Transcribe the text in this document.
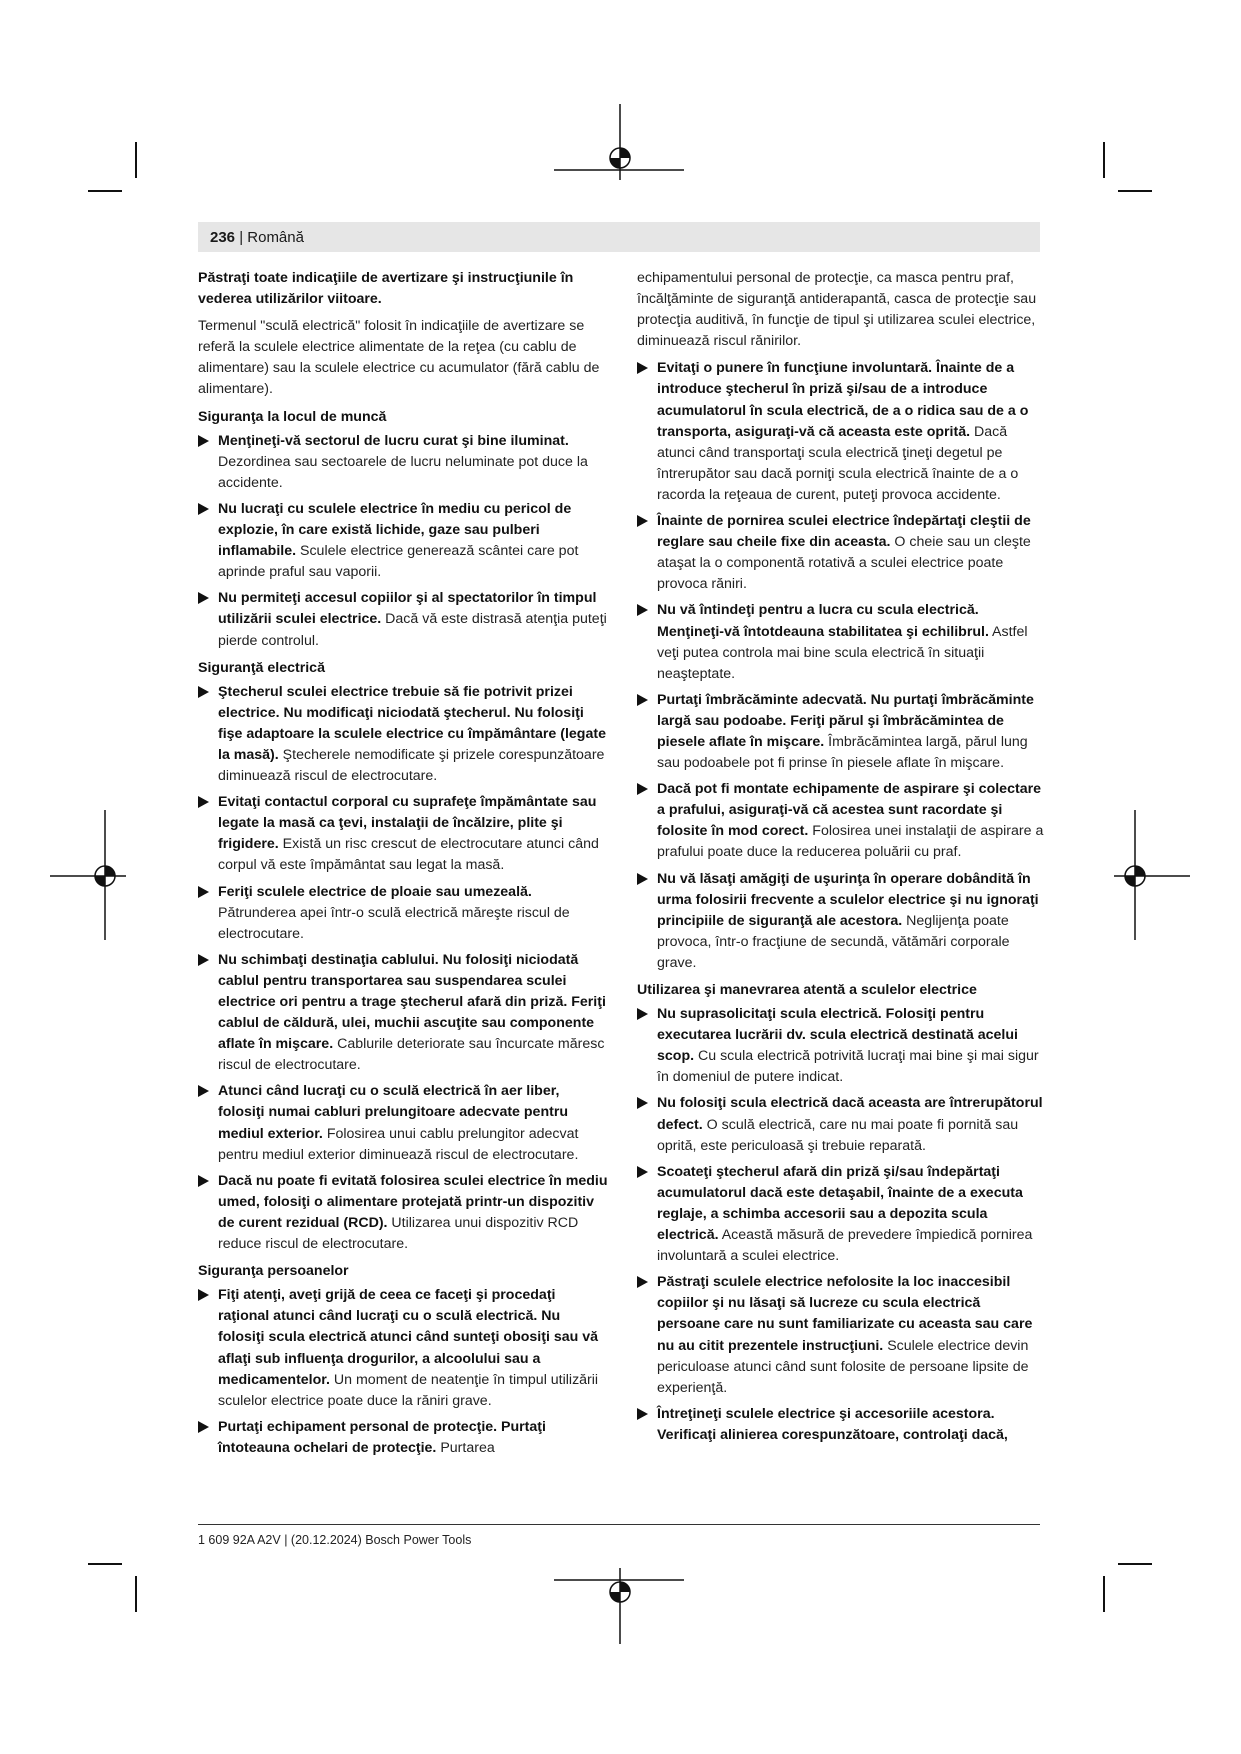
236 | Română

Păstraţi toate indicaţiile de avertizare şi instrucţiunile în vederea utilizărilor viitoare.

Termenul "sculă electrică" folosit în indicaţiile de avertizare se referă la sculele electrice alimentate de la reţea (cu cablu de alimentare) sau la sculele electrice cu acumulator (fără cablu de alimentare).

Siguranţa la locul de muncă
Menţineţi-vă sectorul de lucru curat şi bine iluminat. Dezordinea sau sectoarele de lucru neluminate pot duce la accidente.
Nu lucraţi cu sculele electrice în mediu cu pericol de explozie, în care există lichide, gaze sau pulberi inflamabile. Sculele electrice generează scântei care pot aprinde praful sau vaporii.
Nu permiteţi accesul copiilor şi al spectatorilor în timpul utilizării sculei electrice. Dacă vă este distrasă atenţia puteţi pierde controlul.
Siguranţă electrică
Ştecherul sculei electrice trebuie să fie potrivit prizei electrice. Nu modificaţi niciodată ştecherul. Nu folosiţi fişe adaptoare la sculele electrice cu împământare (legate la masă). Ştecherele nemodificate şi prizele corespunzătoare diminuează riscul de electrocutare.
Evitaţi contactul corporal cu suprafeţe împământate sau legate la masă ca ţevi, instalaţii de încălzire, plite şi frigidere. Există un risc crescut de electrocutare atunci când corpul vă este împământat sau legat la masă.
Feriţi sculele electrice de ploaie sau umezeală. Pătrunderea apei într-o sculă electrică măreşte riscul de electrocutare.
Nu schimbaţi destinaţia cablului. Nu folosiţi niciodată cablul pentru transportarea sau suspendarea sculei electrice ori pentru a trage ştecherul afară din priză. Feriţi cablul de căldură, ulei, muchii ascuţite sau componente aflate în mişcare. Cablurile deteriorate sau încurcate măresc riscul de electrocutare.
Atunci când lucraţi cu o sculă electrică în aer liber, folosiţi numai cabluri prelungitoare adecvate pentru mediul exterior. Folosirea unui cablu prelungitor adecvat pentru mediul exterior diminuează riscul de electrocutare.
Dacă nu poate fi evitată folosirea sculei electrice în mediu umed, folosiţi o alimentare protejată printr-un dispozitiv de curent rezidual (RCD). Utilizarea unui dispozitiv RCD reduce riscul de electrocutare.
Siguranţa persoanelor
Fiţi atenţi, aveţi grijă de ceea ce faceţi şi procedaţi raţional atunci când lucraţi cu o sculă electrică. Nu folosiţi scula electrică atunci când sunteţi obosiţi sau vă aflaţi sub influenţa drogurilor, a alcoolului sau a medicamentelor. Un moment de neatenţie în timpul utilizării sculelor electrice poate duce la răniri grave.
Purtaţi echipament personal de protecţie. Purtaţi întoteauna ochelari de protecţie. Purtarea

echipamentului personal de protecţie, ca masca pentru praf, încălţăminte de siguranţă antiderapantă, casca de protecţie sau protecţia auditivă, în funcţie de tipul şi utilizarea sculei electrice, diminuează riscul rănirilor.

Evitaţi o punere în funcţiune involuntară. Înainte de a introduce ştecherul în priză şi/sau de a introduce acumulatorul în scula electrică, de a o ridica sau de a o transporta, asiguraţi-vă că aceasta este oprită. Dacă atunci când transportaţi scula electrică ţineţi degetul pe întrerupător sau dacă porniţi scula electrică înainte de a o racorda la reţeaua de curent, puteţi provoca accidente.
Înainte de pornirea sculei electrice îndepărtaţi cleştii de reglare sau cheile fixe din aceasta. O cheie sau un cleşte ataşat la o componentă rotativă a sculei electrice poate provoca răniri.
Nu vă întindeţi pentru a lucra cu scula electrică. Menţineţi-vă întotdeauna stabilitatea şi echilibrul. Astfel veţi putea controla mai bine scula electrică în situaţii neaşteptate.
Purtaţi îmbrăcăminte adecvată. Nu purtaţi îmbrăcăminte largă sau podoabe. Feriţi părul şi îmbrăcămintea de piesele aflate în mişcare. Îmbrăcămintea largă, părul lung sau podoabele pot fi prinse în piesele aflate în mişcare.
Dacă pot fi montate echipamente de aspirare şi colectare a prafului, asiguraţi-vă că acestea sunt racordate şi folosite în mod corect. Folosirea unei instalaţii de aspirare a prafului poate duce la reducerea poluării cu praf.
Nu vă lăsaţi amăgiţi de uşurinţa în operare dobândită în urma folosirii frecvente a sculelor electrice şi nu ignoraţi principiile de siguranţă ale acestora. Neglijenţa poate provoca, într-o fracţiune de secundă, vătămări corporale grave.
Utilizarea şi manevrarea atentă a sculelor electrice
Nu suprasolicitaţi scula electrică. Folosiţi pentru executarea lucrării dv. scula electrică destinată acelui scop. Cu scula electrică potrivită lucraţi mai bine şi mai sigur în domeniul de putere indicat.
Nu folosiţi scula electrică dacă aceasta are întrerupătorul defect. O sculă electrică, care nu mai poate fi pornită sau oprită, este periculoasă şi trebuie reparată.
Scoateţi ştecherul afară din priză şi/sau îndepărtaţi acumulatorul dacă este detaşabil, înainte de a executa reglaje, a schimba accesorii sau a depozita scula electrică. Această măsură de prevedere împiedică pornirea involuntară a sculei electrice.
Păstraţi sculele electrice nefolosite la loc inaccesibil copiilor şi nu lăsaţi să lucreze cu scula electrică persoane care nu sunt familiarizate cu aceasta sau care nu au citit prezentele instrucţiuni. Sculele electrice devin periculoase atunci când sunt folosite de persoane lipsite de experienţă.
Întreţineţi sculele electrice şi accesoriile acestora. Verificaţi alinierea corespunzătoare, controlaţi dacă,
1 609 92A A2V | (20.12.2024) Bosch Power Tools
